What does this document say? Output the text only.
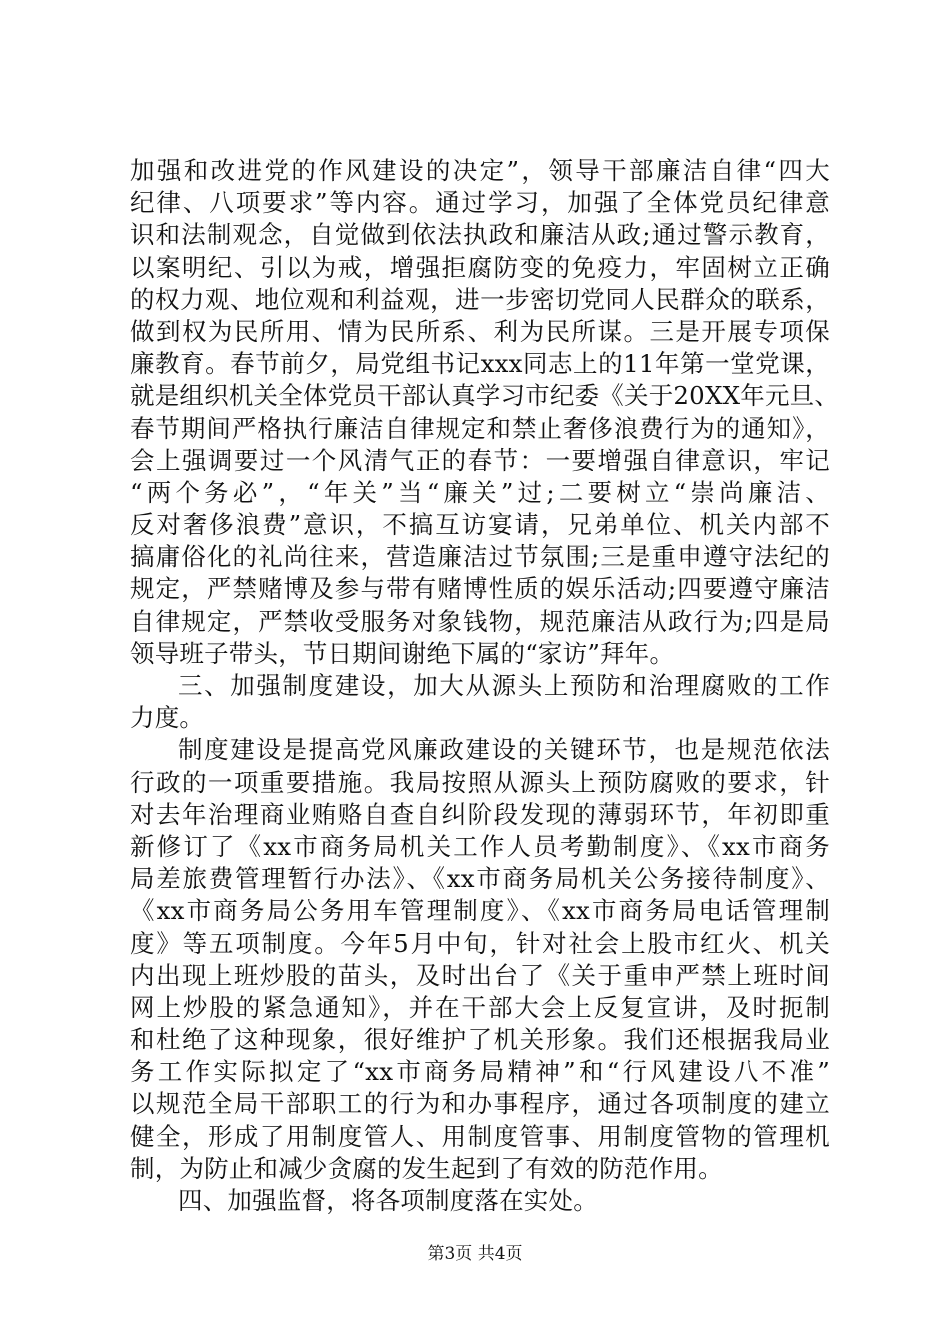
加强和改进党的作风建设的决定”，领导干部廉洁自律“四大
纪律、八项要求”等内容。通过学习，加强了全体党员纪律意
识和法制观念，自觉做到依法执政和廉洁从政;通过警示教育，
以案明纪、引以为戒，增强拒腐防变的免疫力，牢固树立正确
的权力观、地位观和利益观，进一步密切党同人民群众的联系，
做到权为民所用、情为民所系、利为民所谋。三是开展专项保
廉教育。春节前夕，局党组书记xxx同志上的11年第一堂党课，
就是组织机关全体党员干部认真学习市纪委《关于20XX年元旦、
春节期间严格执行廉洁自律规定和禁止奢侈浪费行为的通知》，
会上强调要过一个风清气正的春节：一要增强自律意识，牢记
“两个务必”，“年关”当“廉关”过;二要树立“崇尚廉洁、
反对奢侈浪费”意识，不搞互访宴请，兄弟单位、机关内部不
搞庸俗化的礼尚往来，营造廉洁过节氛围;三是重申遵守法纪的
规定，严禁赌博及参与带有赌博性质的娱乐活动;四要遵守廉洁
自律规定，严禁收受服务对象钱物，规范廉洁从政行为;四是局
领导班子带头，节日期间谢绝下属的“家访”拜年。
三、加强制度建设，加大从源头上预防和治理腐败的工作
力度。
制度建设是提高党风廉政建设的关键环节，也是规范依法
行政的一项重要措施。我局按照从源头上预防腐败的要求，针
对去年治理商业贿赂自查自纠阶段发现的薄弱环节，年初即重
新修订了《xx市商务局机关工作人员考勤制度》、《xx市商务
局差旅费管理暂行办法》、《xx市商务局机关公务接待制度》、
《xx市商务局公务用车管理制度》、《xx市商务局电话管理制
度》等五项制度。今年5月中旬，针对社会上股市红火、机关
内出现上班炒股的苗头，及时出台了《关于重申严禁上班时间
网上炒股的紧急通知》，并在干部大会上反复宣讲，及时扼制
和杜绝了这种现象，很好维护了机关形象。我们还根据我局业
务工作实际拟定了“xx市商务局精神”和“行风建设八不准”
以规范全局干部职工的行为和办事程序，通过各项制度的建立
健全，形成了用制度管人、用制度管事、用制度管物的管理机
制，为防止和减少贪腐的发生起到了有效的防范作用。
四、加强监督，将各项制度落在实处。
第3页 共4页
